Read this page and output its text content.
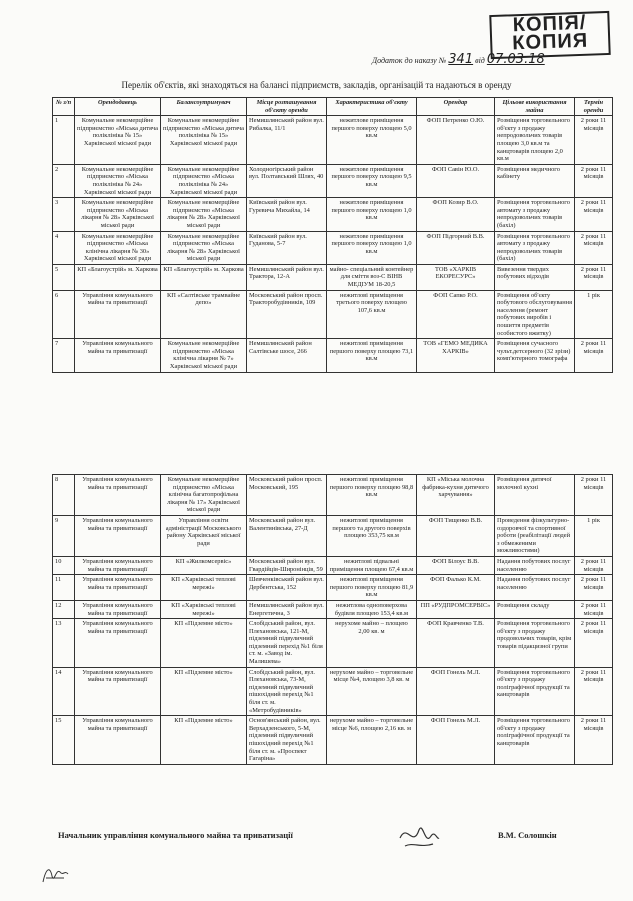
КОПІЯ/
КОПИЯ
Додаток до наказу № 341 від 07.03.18
Перелік об'єктів, які знаходяться на балансі підприємств, закладів, організацій та надаються в оренду
№ з/п	Орендодавець	Балансоутримувач	Місце розташування об'єкту оренди	Характеристика об'єкту	Орендар	Цільове використання майна	Термін оренди
1	Комунальне некомерційне підприємство «Міська дитяча поліклініка № 15» Харківської міської ради	Комунальне некомерційне підприємство «Міська дитяча поліклініка № 15» Харківської міської ради	Немишлянський район вул. Рибалка, 11/1	нежитлове приміщення першого поверху площею 5,0 кв.м	ФОП Петренко О.Ю.	Розміщення торговельного об'єкту з продажу непродовольчих товарів площею 3,0 кв.м та канцтоварів площею 2,0 кв.м	2 роки 11 місяців
2	Комунальне некомерційне підприємство «Міська поліклініка № 24» Харківської міської ради	Комунальне некомерційне підприємство «Міська поліклініка № 24» Харківської міської ради	Холодногірський район вул. Полтавський Шлях, 40	нежитлове приміщення першого поверху площею 9,5 кв.м	ФОП Савін Ю.О.	Розміщення медичного кабінету	2 роки 11 місяців
3	Комунальне некомерційне підприємство «Міська лікарня № 28» Харківської міської ради	Комунальне некомерційне підприємство «Міська лікарня № 28» Харківської міської ради	Київський район вул. Гуревича Михайла, 14	нежитлове приміщення першого поверху площею 1,0 кв.м	ФОП Козир В.О.	Розміщення торговельного автомату з продажу непродовольчих товарів (бахіл)	2 роки 11 місяців
4	Комунальне некомерційне підприємство «Міська клінічна лікарня № 30» Харківської міської ради	Комунальне некомерційне підприємство «Міська лікарня № 28» Харківської міської ради	Київський район вул. Гуданова, 5-7	нежитлове приміщення першого поверху площею 1,0 кв.м	ФОП Підгорний В.В.	Розміщення торговельного автомату з продажу непродовольчих товарів (бахіл)	2 роки 11 місяців
5	КП «Благоустрій» м. Харкова	КП «Благоустрій» м. Харкова	Немишлянський район вул. Трактора, 12-А	майно- спеціальний контейнер для сміття воз-С ВІНВ МЕДІУМ 18-20,5	ТОВ «ХАРКІВ ЕКОРЕСУРС»	Вивезення твердих побутових відходів	2 роки 11 місяців
6	Управління комунального майна та приватизації	КП «Салтівське трамвайне депо»	Московський район просп. Тракторобудівників, 109	нежитлові приміщення третього поверху площею 107,6 кв.м	ФОП Сапко Р.О.	Розміщення об'єкту побутового обслуговування населення (ремонт побутових виробів і пошиття предметів особистого вжитку)	1 рік
7	Управління комунального майна та приватизації	Комунальне некомерційне підприємство «Міська клінічна лікарня № 7» Харківської міської ради	Немишлянський район Салтівське шосе, 266	нежитлові приміщення першого поверху площею 73,1 кв.м	ТОВ «ГЕМО МЕДИКА ХАРКІВ»	Розміщення сучасного чульт.детсерного (32 зрізи) комп'ютерного томографа	2 роки 11 місяців
8	Управління комунального майна та приватизації	Комунальне некомерційне підприємство «Міська клінічна багатопрофільна лікарня № 17» Харківської міської ради	Московський район просп. Московський, 195	нежитлові приміщення першого поверху площею 98,8 кв.м	КП «Міська молочна фабрика-кухня дитячого харчування»	Розміщення дитячої молочної кухні	2 роки 11 місяців
9	Управління комунального майна та приватизації	Управління освіти адміністрації Московського району Харківської міської ради	Московський район вул. Валентинівська, 27-Д	нежитлові приміщення першого та другого поверхів площею 353,75 кв.м	ФОП Тищенко В.В.	Проведення фізкультурно-оздоровчої та спортивної роботи (реабілітації людей з обмеженими можливостями)	1 рік
10	Управління комунального майна та приватизації	КП «Жилкомсервіс»	Московський район вул. Гвардійців-Широнінців, 59	нежитлові підвальні приміщення площею 67,4 кв.м	ФОП Білоус В.В.	Надання побутових послуг населенню	2 роки 11 місяців
11	Управління комунального майна та приватизації	КП «Харківські теплові мережі»	Шевченківський район вул. Дербентська, 152	нежитлові приміщення першого поверху площею 81,9 кв.м	ФОП Фалько К.М.	Надання побутових послуг населенню	2 роки 11 місяців
12	Управління комунального майна та приватизації	КП «Харківські теплові мережі»	Немишлянський район вул. Енергетична, 3	нежитлова одноповерхова будівля площею 153,4 кв.м	ПП «РУДПРОМСЕРВІС»	Розміщення складу	2 роки 11 місяців
13	Управління комунального майна та приватизації	КП «Підземне місто»	Слобідський район, вул. Плехановська, 121-М, підземний підвуличний підземний перехід №1 біля ст. м. «Завод ім. Малишева»	нерухоме майно – площею 2,00 кв. м	ФОП Кравченко Т.В.	Розміщення торговельного об'єкту з продажу продовольчих товарів, крім товарів підакцизної групи	2 роки 11 місяців
14	Управління комунального майна та приватизації	КП «Підземне місто»	Слобідський район, вул. Плехановська, 73-М, підземний підвуличний пішохідний перехід №1 біля ст. м. «Метробудівників»	нерухоме майно – торговельне місце №4, площею 3,8 кв. м	ФОП Гонель М.Л.	Розміщення торговельного об'єкту з продажу поліграфічної продукції та канцтоварів	2 роки 11 місяців
15	Управління комунального майна та приватизації	КП «Підземне місто»	Основ'янський район, вул. Верхадзенського, 5-М, підземний підвуличний пішохідний перехід №1 біля ст. м. «Проспект Гагаріна»	нерухоме майно – торговельне місце №6, площею 2,16 кв. м	ФОП Гонель М.Л.	Розміщення торговельного об'єкту з продажу поліграфічної продукції та канцтоварів	2 роки 11 місяців
Начальник управління комунального майна та приватизації	В.М. Солошкін
